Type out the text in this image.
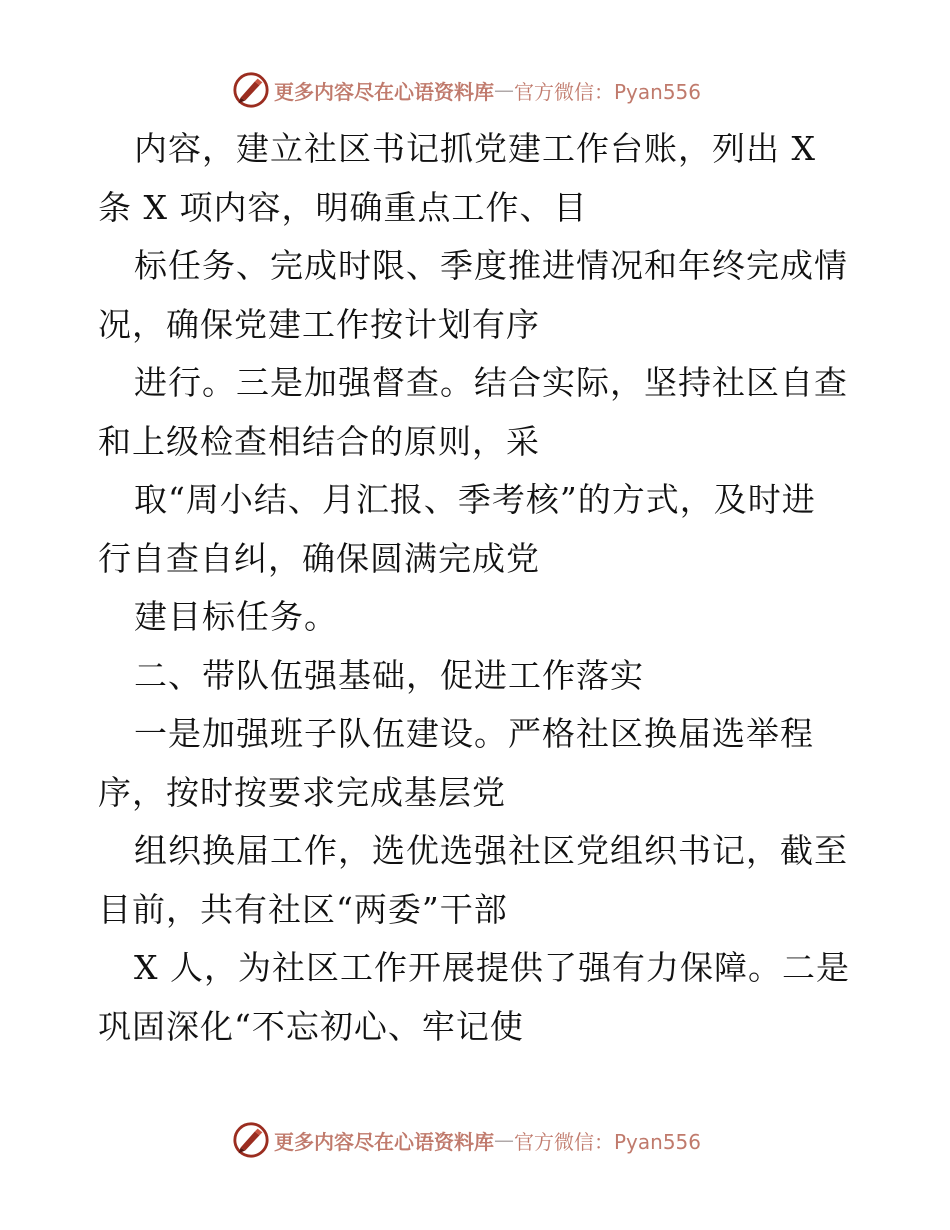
更多内容尽在心语资料库 — 官方微信：Pyan556
内容，建立社区书记抓党建工作台账，列出 X
条 X 项内容，明确重点工作、目
标任务、完成时限、季度推进情况和年终完成情
况，确保党建工作按计划有序
进行。三是加强督查。结合实际，坚持社区自查
和上级检查相结合的原则，采
取“周小结、月汇报、季考核”的方式，及时进
行自查自纠，确保圆满完成党
建目标任务。
二、带队伍强基础，促进工作落实
一是加强班子队伍建设。严格社区换届选举程
序，按时按要求完成基层党
组织换届工作，选优选强社区党组织书记，截至
目前，共有社区“两委”干部
X 人，为社区工作开展提供了强有力保障。二是
巩固深化“不忘初心、牢记使
更多内容尽在心语资料库 — 官方微信：Pyan556
